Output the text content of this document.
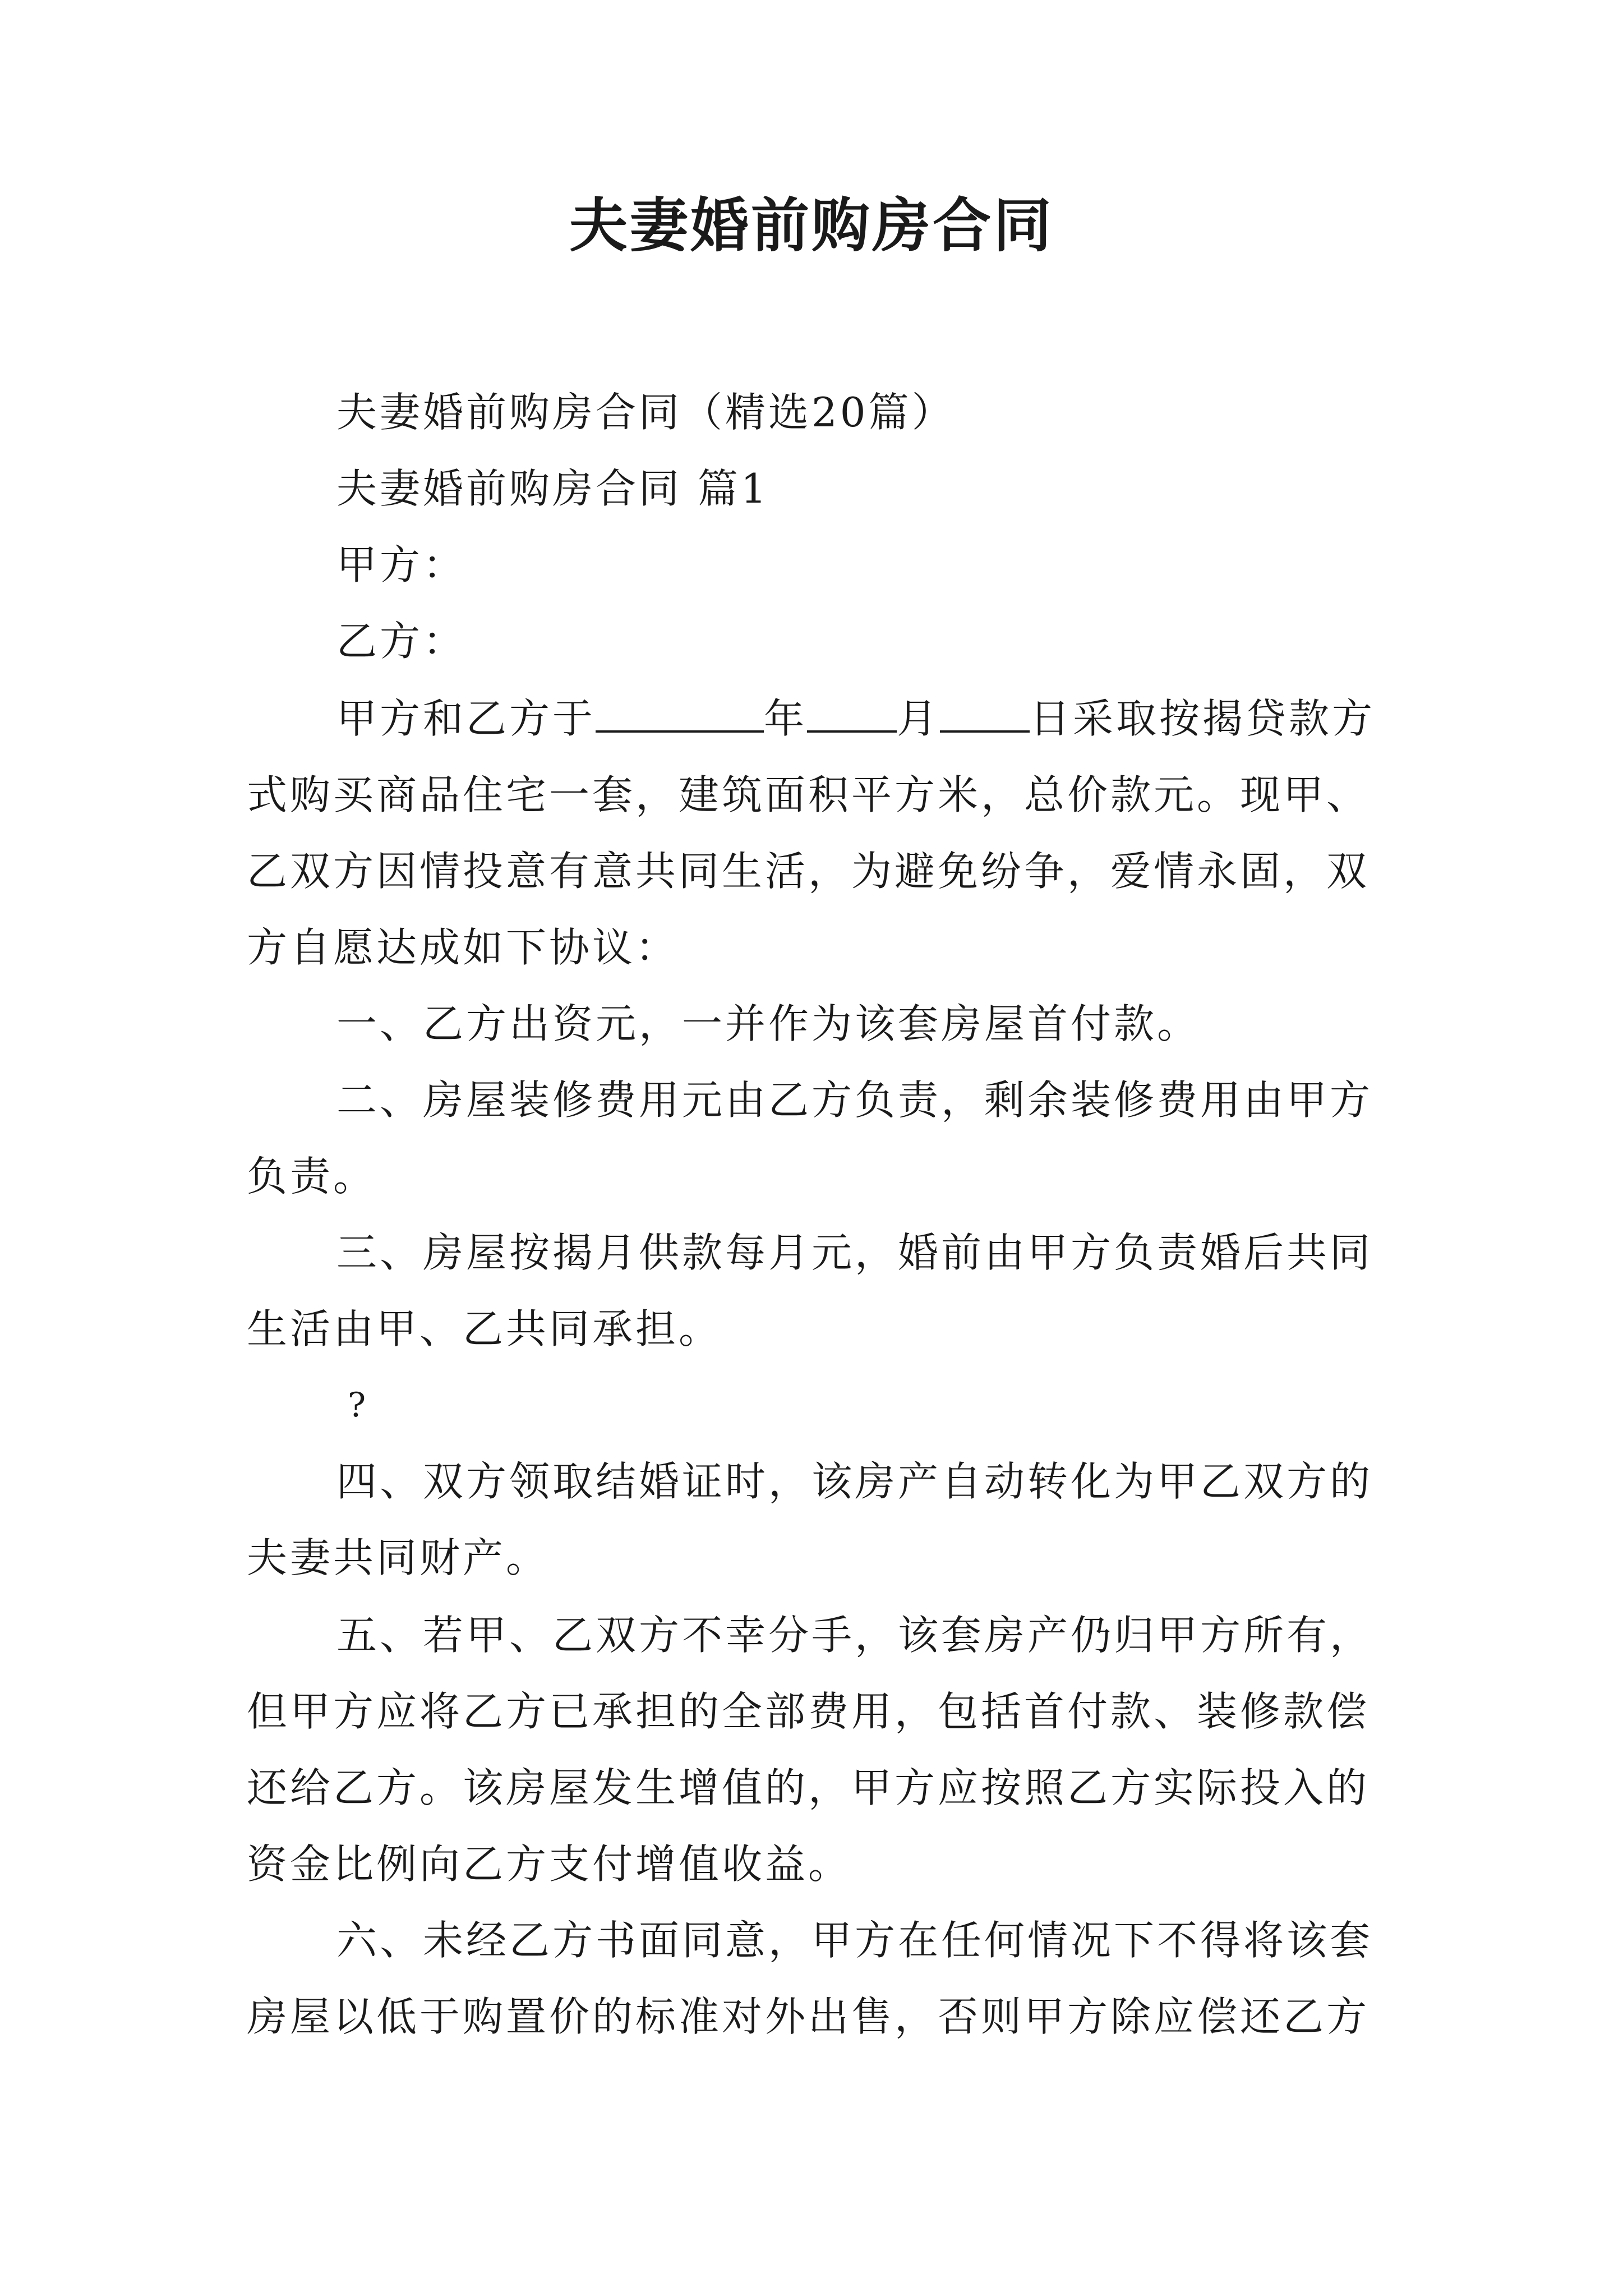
夫妻婚前购房合同
夫妻婚前购房合同（精选20篇）
夫妻婚前购房合同 篇1
甲方：
乙方：
甲方和乙方于	年 月 日采取按揭贷款方
式购买商品住宅一套，建筑面积平方米，总价款元。现甲、
乙双方因情投意有意共同生活，为避免纷争，爱情永固，双
方自愿达成如下协议：
一、乙方出资元，一并作为该套房屋首付款。
二、房屋装修费用元由乙方负责，剩余装修费用由甲方
负责。
三、房屋按揭月供款每月元，婚前由甲方负责婚后共同
生活由甲、乙共同承担。
?
四、双方领取结婚证时，该房产自动转化为甲乙双方的
夫妻共同财产。
五、若甲、乙双方不幸分手，该套房产仍归甲方所有，
但甲方应将乙方已承担的全部费用，包括首付款、装修款偿
还给乙方。该房屋发生增值的，甲方应按照乙方实际投入的
资金比例向乙方支付增值收益。
六、未经乙方书面同意，甲方在任何情况下不得将该套
房屋以低于购置价的标准对外出售，否则甲方除应偿还乙方
